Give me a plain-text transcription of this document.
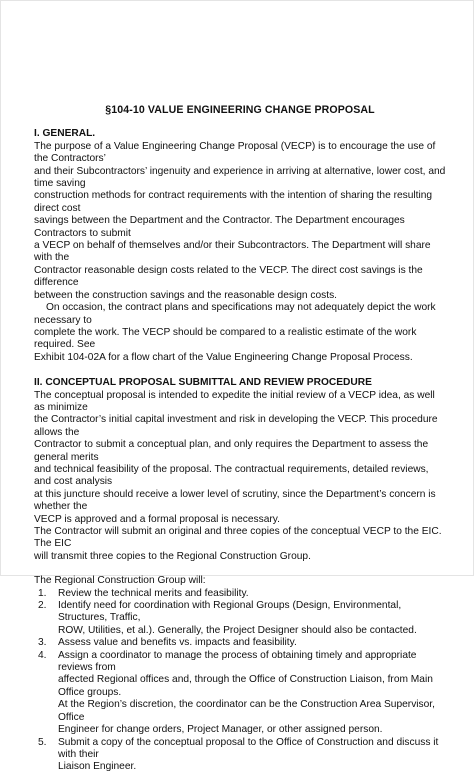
§104-10 VALUE ENGINEERING CHANGE PROPOSAL
I. GENERAL.

The purpose of a Value Engineering Change Proposal (VECP) is to encourage the use of the Contractors’
and their Subcontractors’ ingenuity and experience in arriving at alternative, lower cost, and time saving
construction methods for contract requirements with the intention of sharing the resulting direct cost
savings between the Department and the Contractor. The Department encourages Contractors to submit
a VECP on behalf of themselves and/or their Subcontractors. The Department will share with the
Contractor reasonable design costs related to the VECP. The direct cost savings is the difference
between the construction savings and the reasonable design costs.

On occasion, the contract plans and specifications may not adequately depict the work necessary to
complete the work. The VECP should be compared to a realistic estimate of the work required. See
Exhibit 104-02A for a flow chart of the Value Engineering Change Proposal Process.

II. CONCEPTUAL PROPOSAL SUBMITTAL AND REVIEW PROCEDURE

The conceptual proposal is intended to expedite the initial review of a VECP idea, as well as minimize
the Contractor’s initial capital investment and risk in developing the VECP. This procedure allows the
Contractor to submit a conceptual plan, and only requires the Department to assess the general merits
and technical feasibility of the proposal. The contractual requirements, detailed reviews, and cost analysis
at this juncture should receive a lower level of scrutiny, since the Department’s concern is whether the
VECP is approved and a formal proposal is necessary.

The Contractor will submit an original and three copies of the conceptual VECP to the EIC. The EIC
will transmit three copies to the Regional Construction Group.

The Regional Construction Group will:

1. Review the technical merits and feasibility.
2. Identify need for coordination with Regional Groups (Design, Environmental, Structures, Traffic,
ROW, Utilities, et al.). Generally, the Project Designer should also be contacted.
3. Assess value and benefits vs. impacts and feasibility.
4. Assign a coordinator to manage the process of obtaining timely and appropriate reviews from
affected Regional offices and, through the Office of Construction Liaison, from Main Office groups.
At the Region’s discretion, the coordinator can be the Construction Area Supervisor, Office
Engineer for change orders, Project Manager, or other assigned person.
5. Submit a copy of the conceptual proposal to the Office of Construction and discuss it with their
Liaison Engineer.
